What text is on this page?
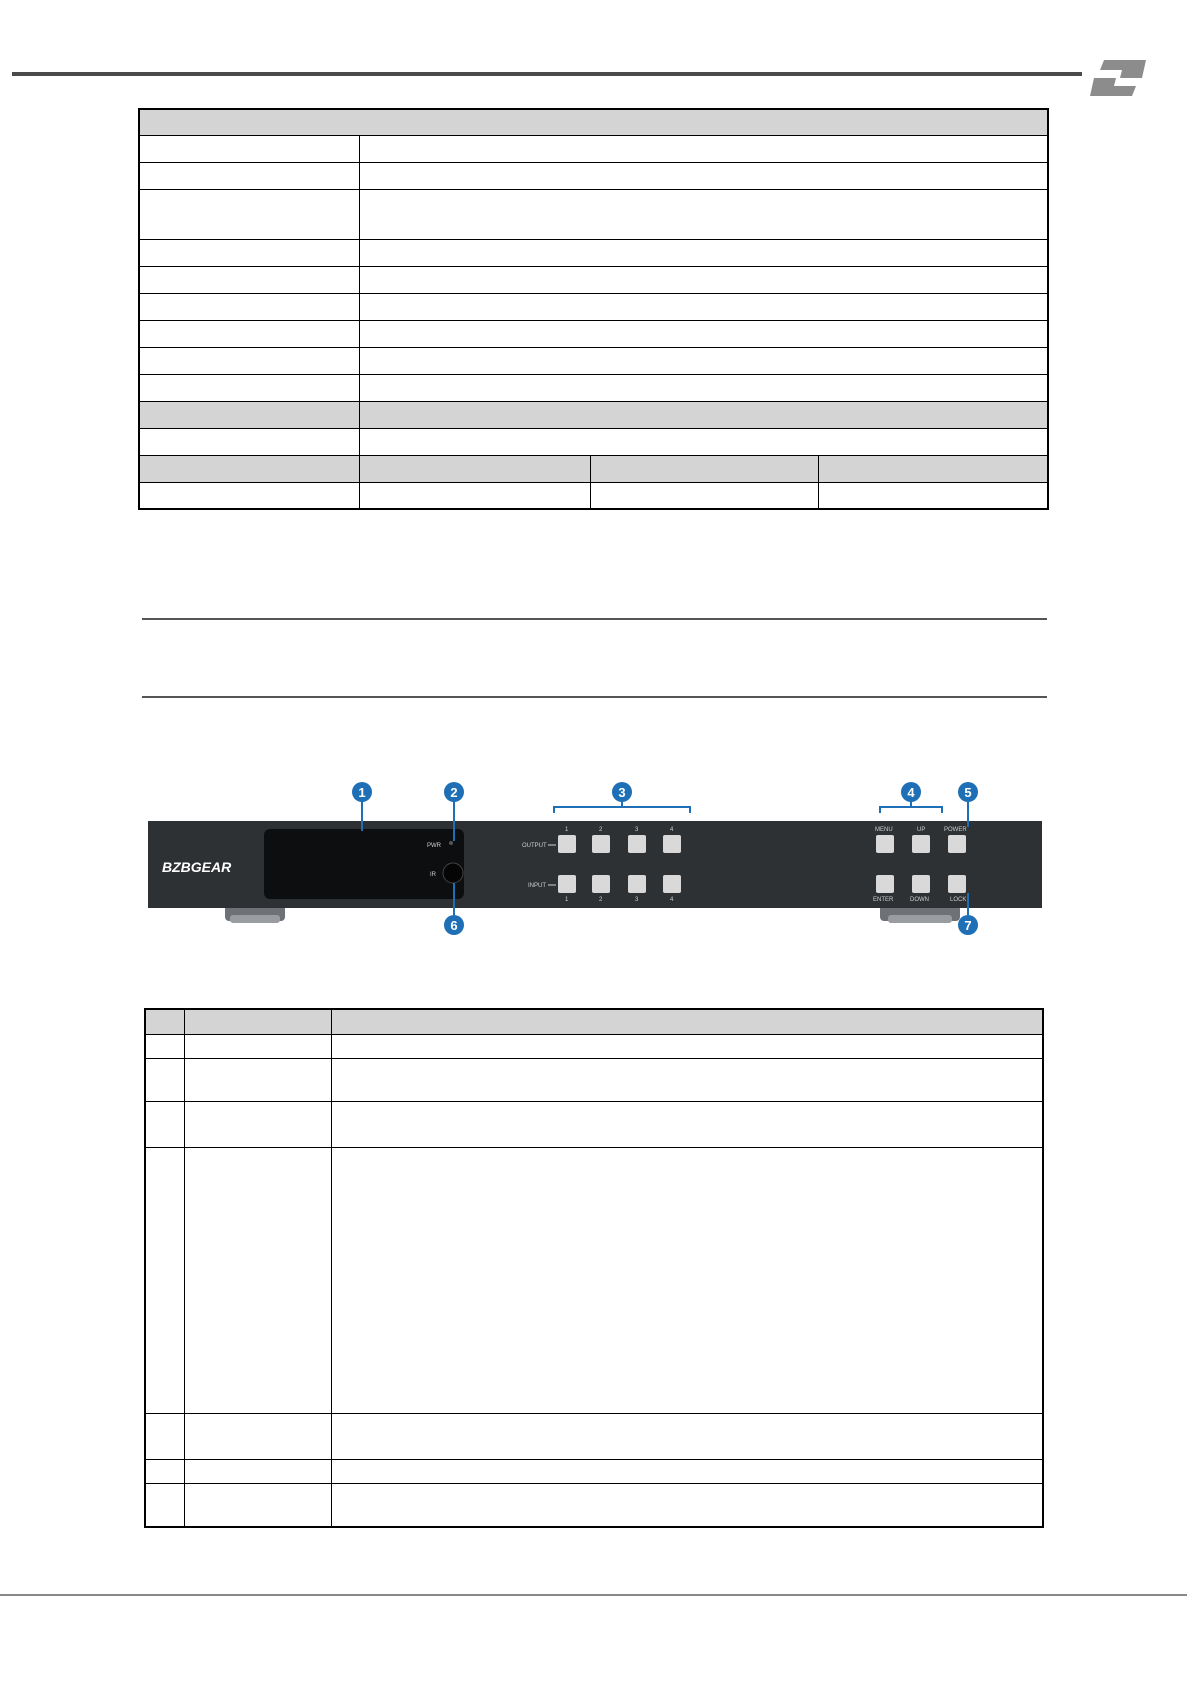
BZBGEAR
PWR
IR
OUTPUT
INPUT
1	2	3	4
1	2	3	4
MENU	UP	POWER
ENTER	DOWN	LOCK
1	2	3	4	5
6	7
